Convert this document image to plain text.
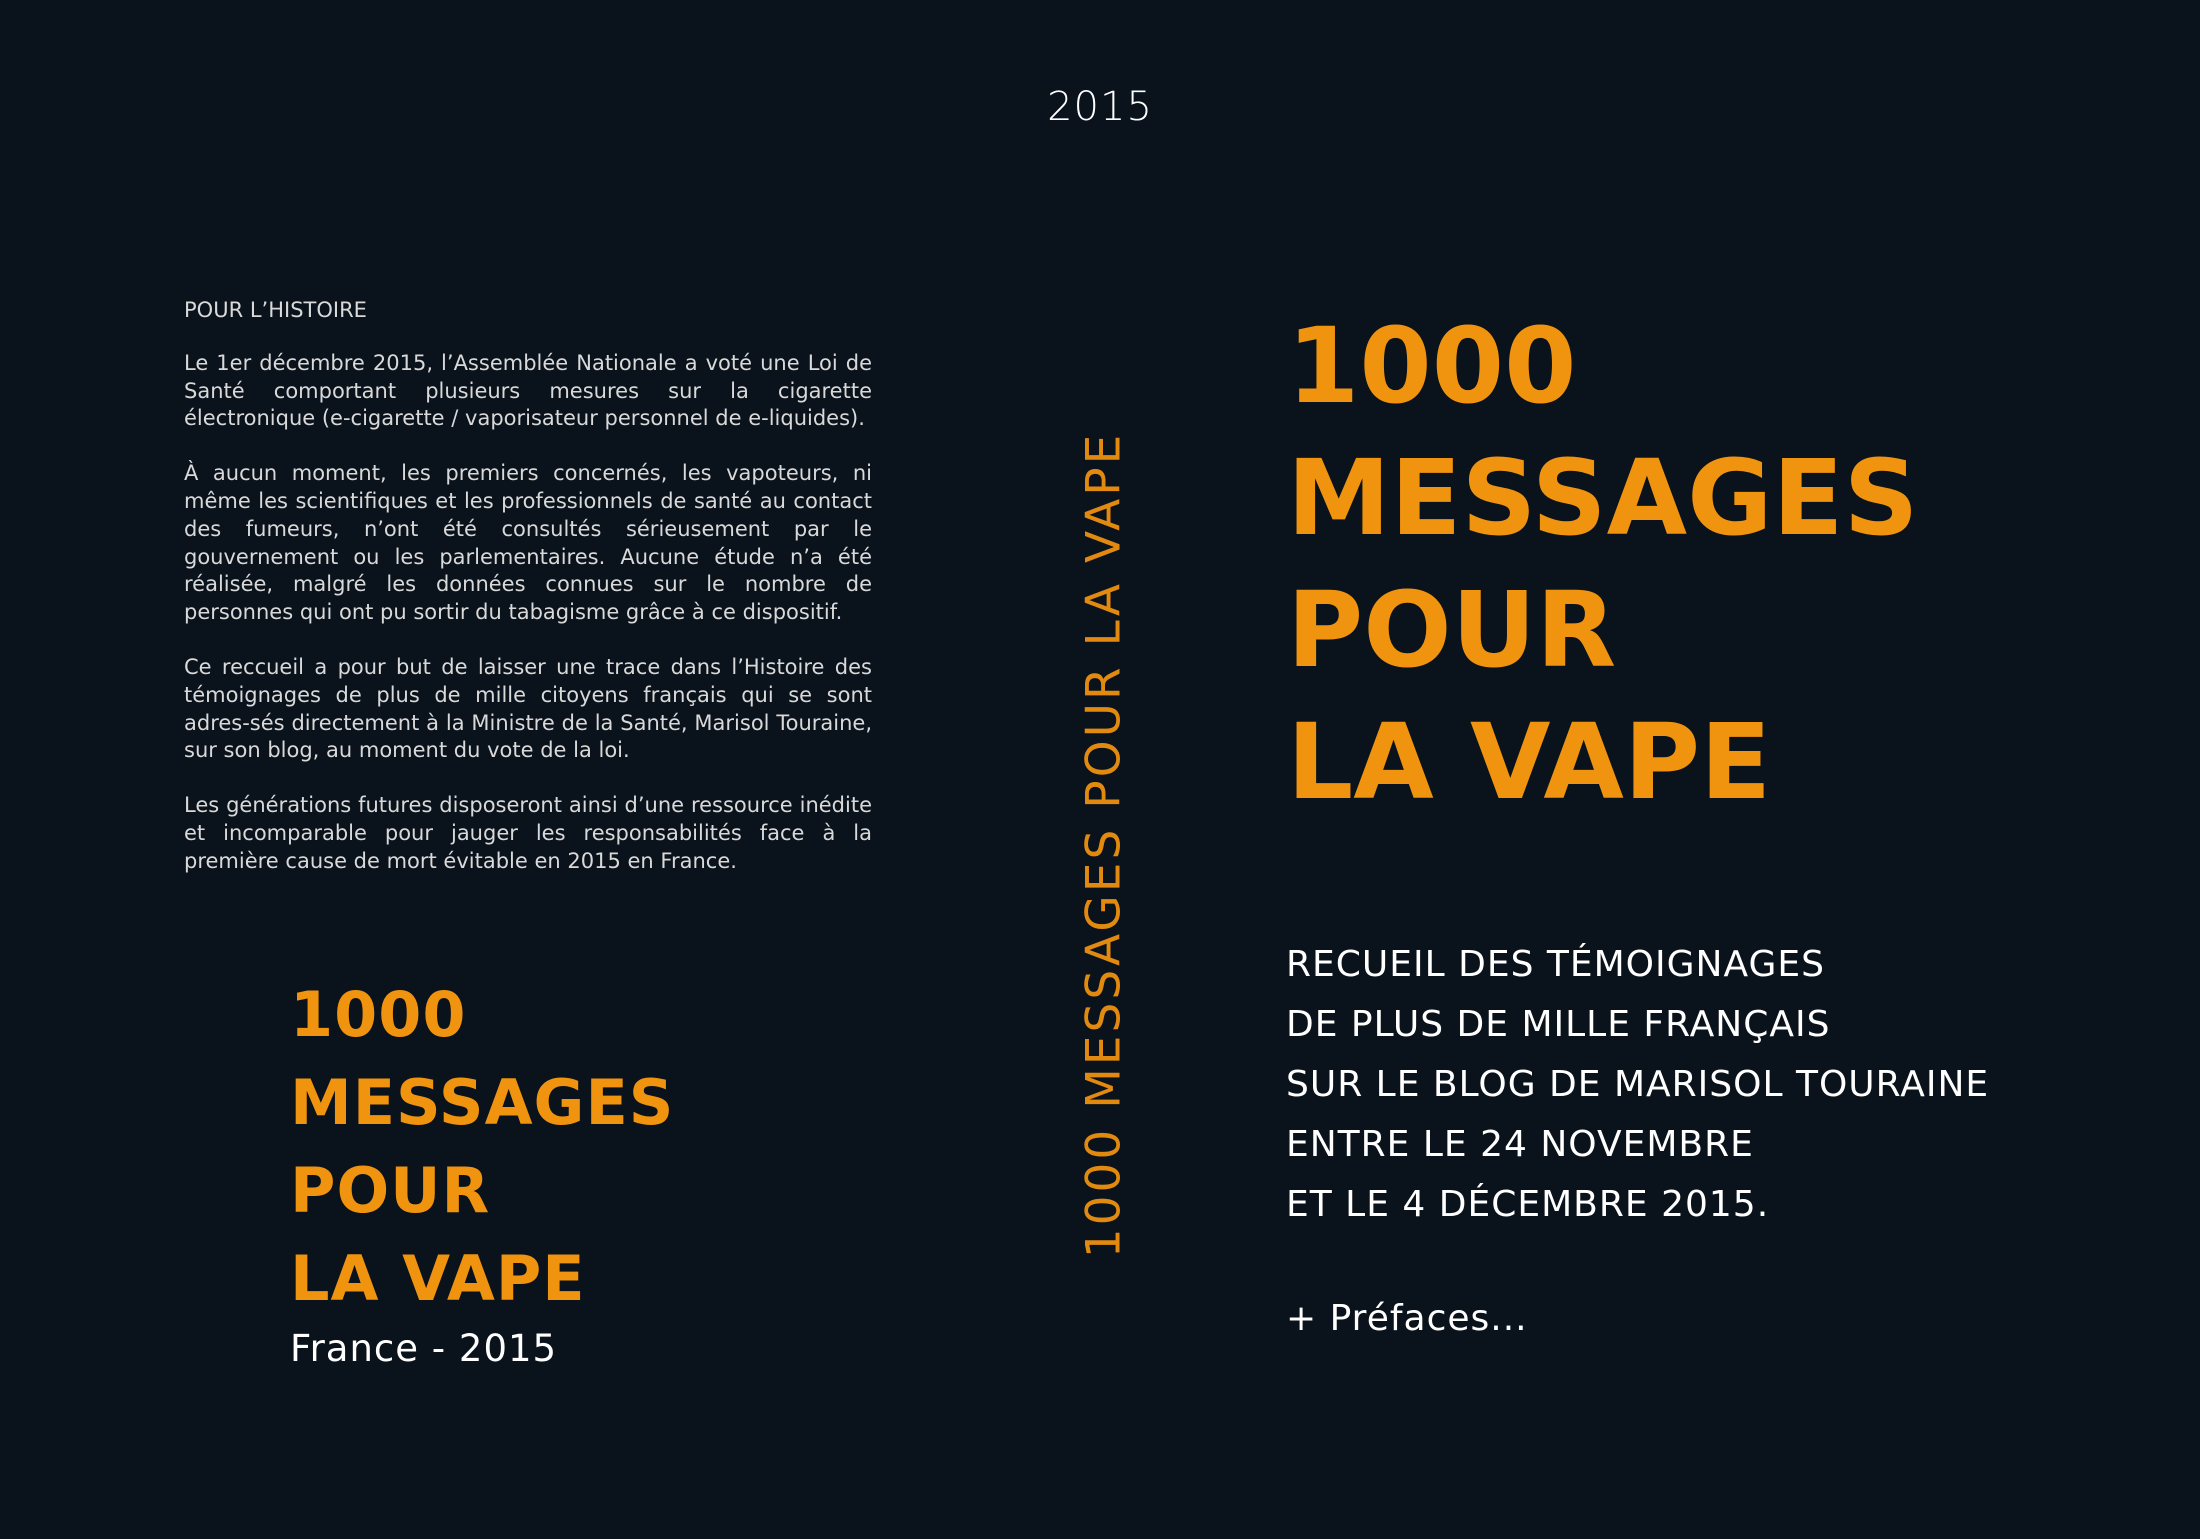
2015
POUR L’HISTOIRE

Le 1er décembre 2015, l’Assemblée Nationale a voté une Loi de Santé comportant plusieurs mesures sur la cigarette électronique (e-cigarette / vaporisateur personnel de e-liquides).

À aucun moment, les premiers concernés, les vapoteurs, ni même les scientifiques et les professionnels de santé au contact des fumeurs, n’ont été consultés sérieusement par le gouvernement ou les parlementaires. Aucune étude n’a été réalisée, malgré les données connues sur le nombre de personnes qui ont pu sortir du tabagisme grâce à ce dispositif.

Ce reccueil a pour but de laisser une trace dans l’Histoire des témoignages de plus de mille citoyens français qui se sont adres-sés directement à la Ministre de la Santé, Marisol Touraine, sur son blog, au moment du vote de la loi.

Les générations futures disposeront ainsi d’une ressource inédite et incomparable pour jauger les responsabilités face à la première cause de mort évitable en 2015 en France.

1000
MESSAGES
POUR
LA VAPE
France - 2015
1000 MESSAGES POUR LA VAPE
1000
MESSAGES
POUR
LA VAPE
RECUEIL DES TÉMOIGNAGES
DE PLUS DE MILLE FRANÇAIS
SUR LE BLOG DE MARISOL TOURAINE
ENTRE LE 24 NOVEMBRE
ET LE 4 DÉCEMBRE 2015.
+ Préfaces...
